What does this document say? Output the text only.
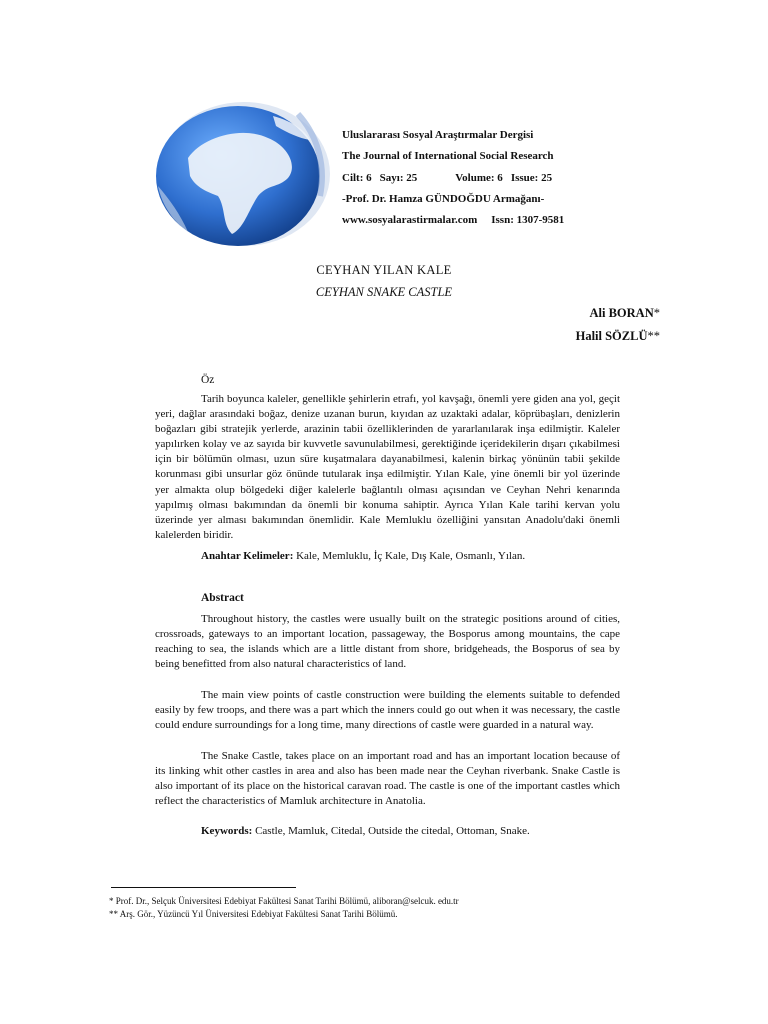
Uluslararası Sosyal Araştırmalar Dergisi
The Journal of International Social Research
Cilt: 6 Sayı: 25	Volume: 6 Issue: 25
-Prof. Dr. Hamza GÜNDOĞDU Armağanı-
www.sosyalarastirmalar.com Issn: 1307-9581
CEYHAN YILAN KALE
CEYHAN SNAKE CASTLE
Ali BORAN*
Halil SÖZLÜ**
Öz

Tarih boyunca kaleler, genellikle şehirlerin etrafı, yol kavşağı, önemli yere giden ana yol, geçit yeri, dağlar arasındaki boğaz, denize uzanan burun, kıyıdan az uzaktaki adalar, köprübaşları, denizlerin boğazları gibi stratejik yerlerde, arazinin tabii özelliklerinden de yararlanılarak inşa edilmiştir. Kaleler yapılırken kolay ve az sayıda bir kuvvetle savunulabilmesi, gerektiğinde içeridekilerin dışarı çıkabilmesi için bir bölümün olması, uzun süre kuşatmalara dayanabilmesi, kalenin birkaç yönünün tabii şekilde korunması gibi unsurlar göz önünde tutularak inşa edilmiştir. Yılan Kale, yine önemli bir yol üzerinde yer almakta olup bölgedeki diğer kalelerle bağlantılı olması açısından ve Ceyhan Nehri kenarında yapılmış olması bakımından da önemli bir konuma sahiptir. Ayrıca Yılan Kale tarihi kervan yolu üzerinde yer alması bakımından önemlidir. Kale Memluklu özelliğini yansıtan Anadolu'daki önemli kalelerden biridir.

Anahtar Kelimeler: Kale, Memluklu, İç Kale, Dış Kale, Osmanlı, Yılan.
Abstract

Throughout history, the castles were usually built on the strategic positions around of cities, crossroads, gateways to an important location, passageway, the Bosporus among mountains, the cape reaching to sea, the islands which are a little distant from shore, bridgeheads, the Bosporus of sea by being benefitted from also natural characteristics of land.

The main view points of castle construction were building the elements suitable to defended easily by few troops, and there was a part which the inners could go out when it was necessary, the castle could endure surroundings for a long time, many directions of castle were guarded in a natural way.

The Snake Castle, takes place on an important road and has an important location because of its linking whit other castles in area and also has been made near the Ceyhan riverbank. Snake Castle is also important of its place on the historical caravan road. The castle is one of the important castles which reflect the characteristics of Mamluk architecture in Anatolia.

Keywords: Castle, Mamluk, Citedal, Outside the citedal, Ottoman, Snake.
* Prof. Dr., Selçuk Üniversitesi Edebiyat Fakültesi Sanat Tarihi Bölümü, aliboran@selcuk. edu.tr
** Arş. Gör., Yüzüncü Yıl Üniversitesi Edebiyat Fakültesi Sanat Tarihi Bölümü.
